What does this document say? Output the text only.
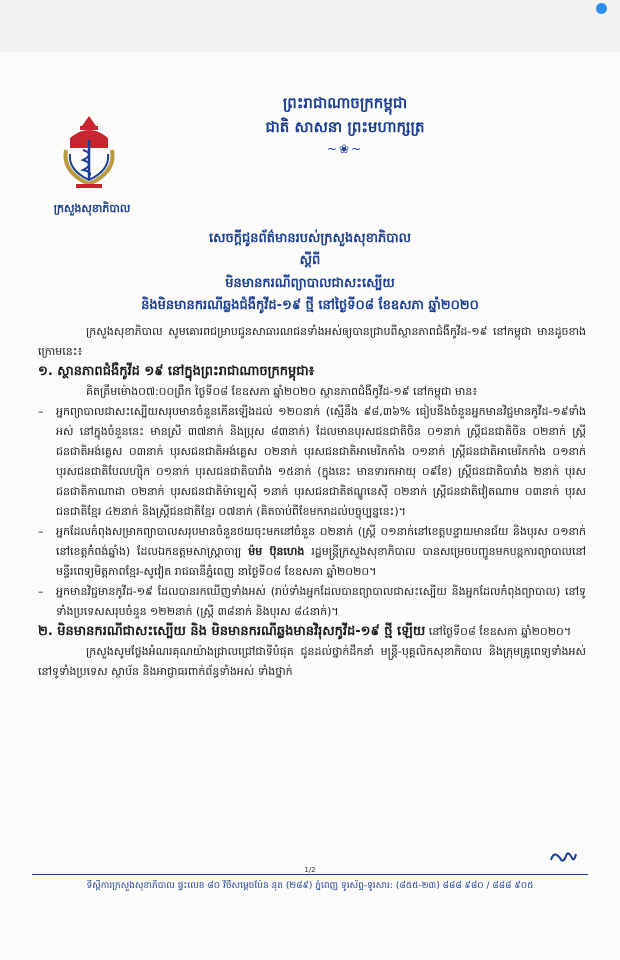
ព្រះរាជាណាចក្រកម្ពុជា
ជាតិ សាសនា ព្រះមហាក្សត្រ
~❀~
ក្រសួងសុខាភិបាល
សេចក្តីជូនព័ត៌មានរបស់ក្រសួងសុខាភិបាល
ស្តីពី
មិនមានករណីព្យាបាលជាសះស្បើយ
និងមិនមានករណីឆ្លងជំងឺកូវីដ-១៩ ថ្មី នៅថ្ងៃទី០៨ ខែឧសភា ឆ្នាំ២០២០

ក្រសួងសុខាភិបាល សូមគោរពជម្រាបជូនសាធារណជនទាំងអស់ឲ្យបានជ្រាបពីស្ថានភាពជំងឺកូវីដ-១៩ នៅកម្ពុជា មានដូចខាងក្រោមនេះ៖

១. ស្ថានភាពជំងឺកូវីដ ១៩ នៅក្នុងព្រះរាជាណាចក្រកម្ពុជា៖

គិតត្រឹមម៉ោង០៧:០០ព្រឹក ថ្ងៃទី០៨ ខែឧសភា ឆ្នាំ២០២០ ស្ថានភាពជំងឺកូវីដ-១៩ នៅកម្ពុជា មាន៖

– អ្នកព្យាបាលជាសះស្បើយសរុបមានចំនួនកើនឡើងដល់ ១២០នាក់ (ស្មើនឹង ៩៨,៣៦% ធៀបនឹងចំនួនអ្នកមានវិជ្ជមានកូវីដ-១៩ទាំងអស់ នៅក្នុងចំនួននេះ មានស្រី ៣៧នាក់ និងប្រុស ៨៣នាក់) ដែលមានបុរសជនជាតិចិន ០១នាក់ ស្រ្តីជនជាតិចិន ០២នាក់ ស្រ្តីជនជាតិអង់គ្លេស ០៣នាក់ បុរសជនជាតិអង់គ្លេស ០២នាក់ បុរសជនជាតិអាមេរិកកាំង ០១នាក់ ស្រ្តីជនជាតិអាមេរិកកាំង ០១នាក់ បុរសជនជាតិបែលហ្ស៊ិក ០១នាក់ បុរសជនជាតិបារាំង ១៥នាក់ (ក្នុងនេះ មានទារកអាយុ ០៩ខែ) ស្រ្តីជនជាតិបារាំង ២នាក់ បុរសជនជាតិកាណាដា ០២នាក់ បុរសជនជាតិម៉ាឡេស៊ី ១នាក់ បុរសជនជាតិឥណ្ឌូនេស៊ី ០២នាក់ ស្រ្តីជនជាតិវៀតណាម ០៣នាក់ បុរសជនជាតិខ្មែរ ៤២នាក់ និងស្រ្តីជនជាតិខ្មែរ ០៧នាក់ (គិតចាប់ពីខែមករាដល់បច្ចុប្បន្ននេះ)។

– អ្នកដែលកំពុងសម្រាកព្យាបាលសរុបមានចំនួនថយចុះមកនៅចំនួន ០២នាក់ (ស្រ្តី ០១នាក់នៅខេត្តបន្ទាយមានជ័យ និងបុរស ០១នាក់នៅខេត្តកំពង់ឆ្នាំង) ដែលឯកឧត្តមសាស្ត្រាចារ្យ ម៉ម ប៊ុនហេង រដ្ឋមន្ត្រីក្រសួងសុខាភិបាល បានសម្រេចបញ្ជូនមកបន្តការព្យាបាលនៅមន្ទីរពេទ្យមិត្តភាពខ្មែរ-សូវៀត រាជធានីភ្នំពេញ នាថ្ងៃទី០៨ ខែឧសភា ឆ្នាំ២០២០។

– អ្នកមានវិជ្ជមានកូវីដ-១៩ ដែលបានរកឃើញទាំងអស់ (រាប់ទាំងអ្នកដែលបានព្យាបាលជាសះស្បើយ និងអ្នកដែលកំពុងព្យាបាល) នៅទូទាំងប្រទេសសរុបចំនួន ១២២នាក់ (ស្រ្តី ៣៨នាក់ និងបុរស ៨៤នាក់)។

២. មិនមានករណីជាសះស្បើយ និង មិនមានករណីឆ្លងមានវិរុសកូវីដ-១៩ ថ្មី ឡើយ នៅថ្ងៃទី០៨ ខែឧសភា ឆ្នាំ២០២០។

ក្រសួងសូមថ្លែងអំណរគុណយ៉ាងជ្រាលជ្រៅជាទីបំផុត ជូនដល់ថ្នាក់ដឹកនាំ មន្ត្រី-បុគ្គលិកសុខាភិបាល និងក្រុមគ្រូពេទ្យទាំងអស់នៅទូទាំងប្រទេស ស្ថាប័ន និងអាជ្ញាធរពាក់ព័ន្ធទាំងអស់ ទាំងថ្នាក់

1/2
ទីស្តីការក្រសួងសុខាភិបាល ផ្ទះលេខ ៨០ វិថីសម្តេចប៉ែន នុត (២៨៩) ភ្នំពេញ ទូរស័ព្ទ-ទូរសារ: (៨៥៥-២៣) ៨៨៨ ៩៨០ / ៨៨៨ ៩០៥
